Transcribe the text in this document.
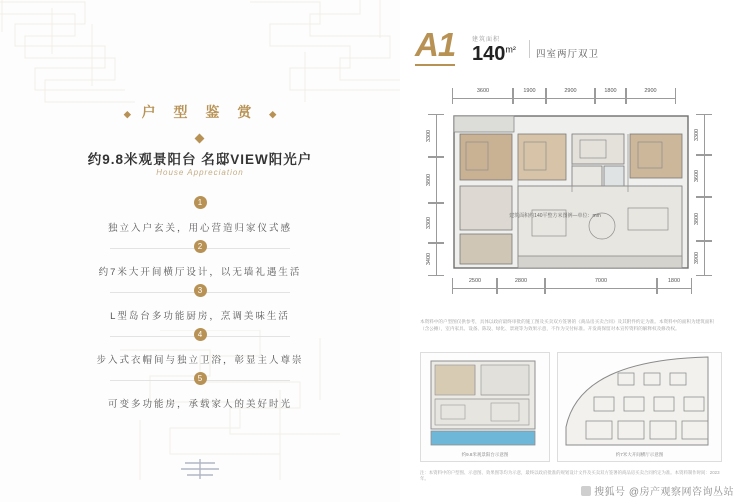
◆ 户 型 鉴 赏 ◆
约9.8米观景阳台 名邸VIEW阳光户
House Appreciation
1
独立入户玄关，用心营造归家仪式感
2
约7米大开间横厅设计，以无墙礼遇生活
3
L型岛台多功能厨房，烹调美味生活
4
步入式衣帽间与独立卫浴，彰显主人尊崇
5
可变多功能房，承载家人的美好时光
A1	建筑面积
$140^{m^2}$ 四室两厅双卫
3600	1900	2900	1800	2900
3300
3800
3300
3400
3300
3600
3800
3900
2500	2800	7000	1800
建筑面积约140平整方米图例—单位：mm
本资料中的户型图仅供参考，具体以政府最终审批的施工图及买卖双方签署的《商品房买卖合同》及其附件约定为准。本资料中的面积为建筑面积（含公摊），室内家具、设备、陈设、绿化、景观等为效果示意，不作为交付标准。开发商保留对本宣传资料的解释权及修改权。
约9.8米观景阳台示意图	约7米大开间横厅示意图
注：本资料中的户型图、示意图、效果图等均为示意，最终以政府批准的规划设计文件及买卖双方签署的商品房买卖合同约定为准。本资料制作时间：2023年。
搜狐号 @房产观察网咨询丛站
